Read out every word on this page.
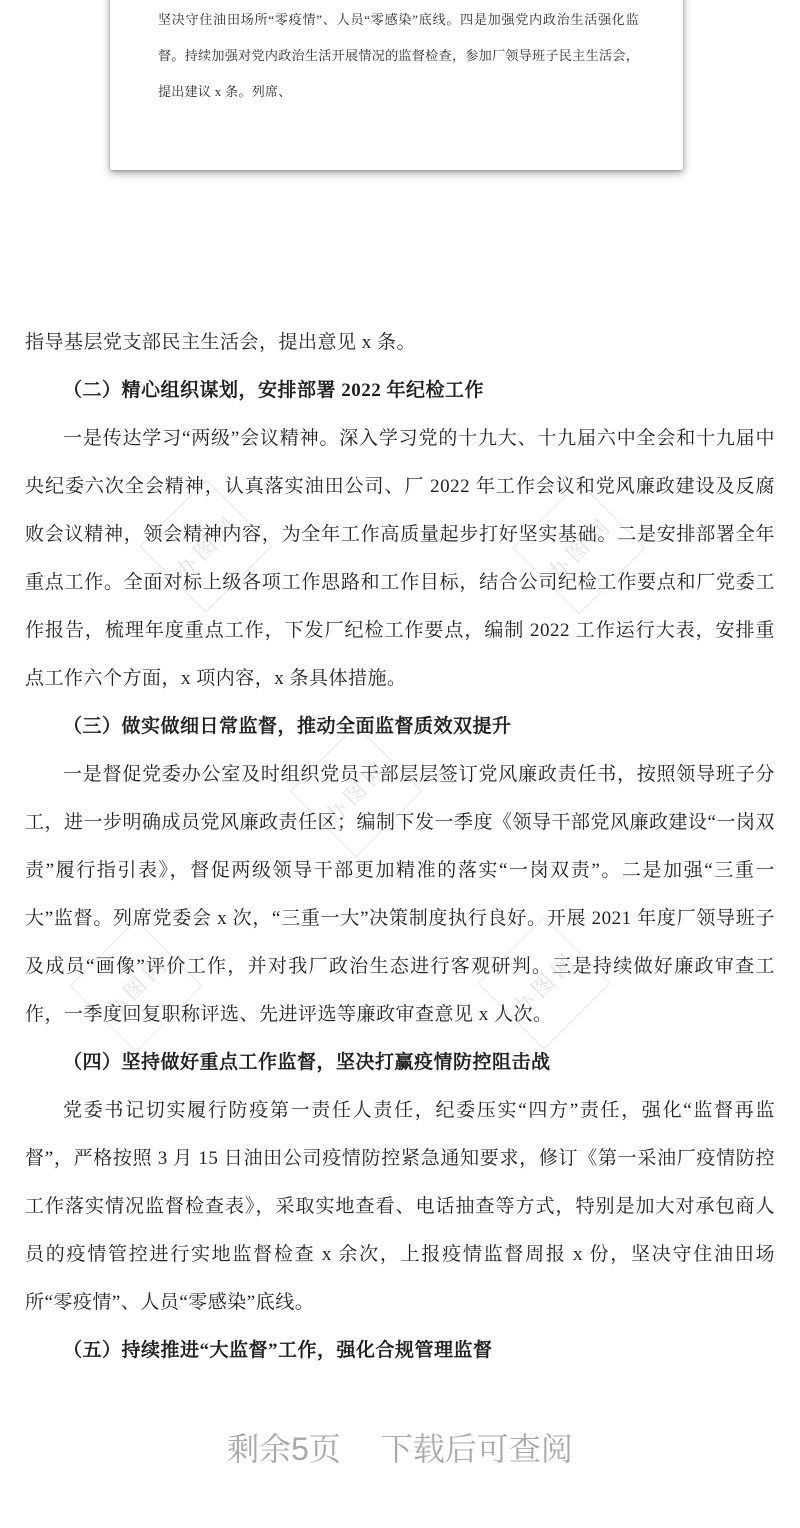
坚决守住油田场所“零疫情”、人员“零感染”底线。四是加强党内政治生活强化监督。持续加强对党内政治生活开展情况的监督检查，参加厂领导班子民主生活会，提出建议 x 条。列席、

办图网	办图网
办图网
办图网	办图网

指导基层党支部民主生活会，提出意见 x 条。

（二）精心组织谋划，安排部署 2022 年纪检工作

一是传达学习“两级”会议精神。深入学习党的十九大、十九届六中全会和十九届中央纪委六次全会精神，认真落实油田公司、厂 2022 年工作会议和党风廉政建设及反腐败会议精神，领会精神内容，为全年工作高质量起步打好坚实基础。二是安排部署全年重点工作。全面对标上级各项工作思路和工作目标，结合公司纪检工作要点和厂党委工作报告，梳理年度重点工作，下发厂纪检工作要点，编制 2022 工作运行大表，安排重点工作六个方面，x 项内容，x 条具体措施。

（三）做实做细日常监督，推动全面监督质效双提升

一是督促党委办公室及时组织党员干部层层签订党风廉政责任书，按照领导班子分工，进一步明确成员党风廉政责任区；编制下发一季度《领导干部党风廉政建设“一岗双责”履行指引表》，督促两级领导干部更加精准的落实“一岗双责”。二是加强“三重一大”监督。列席党委会 x 次，“三重一大”决策制度执行良好。开展 2021 年度厂领导班子及成员“画像”评价工作，并对我厂政治生态进行客观研判。三是持续做好廉政审查工作，一季度回复职称评选、先进评选等廉政审查意见 x 人次。

（四）坚持做好重点工作监督，坚决打赢疫情防控阻击战

党委书记切实履行防疫第一责任人责任，纪委压实“四方”责任，强化“监督再监督”，严格按照 3 月 15 日油田公司疫情防控紧急通知要求，修订《第一采油厂疫情防控工作落实情况监督检查表》，采取实地查看、电话抽查等方式，特别是加大对承包商人员的疫情管控进行实地监督检查 x 余次，上报疫情监督周报 x 份，坚决守住油田场所“零疫情”、人员“零感染”底线。

（五）持续推进“大监督”工作，强化合规管理监督

剩余5页 下载后可查阅
